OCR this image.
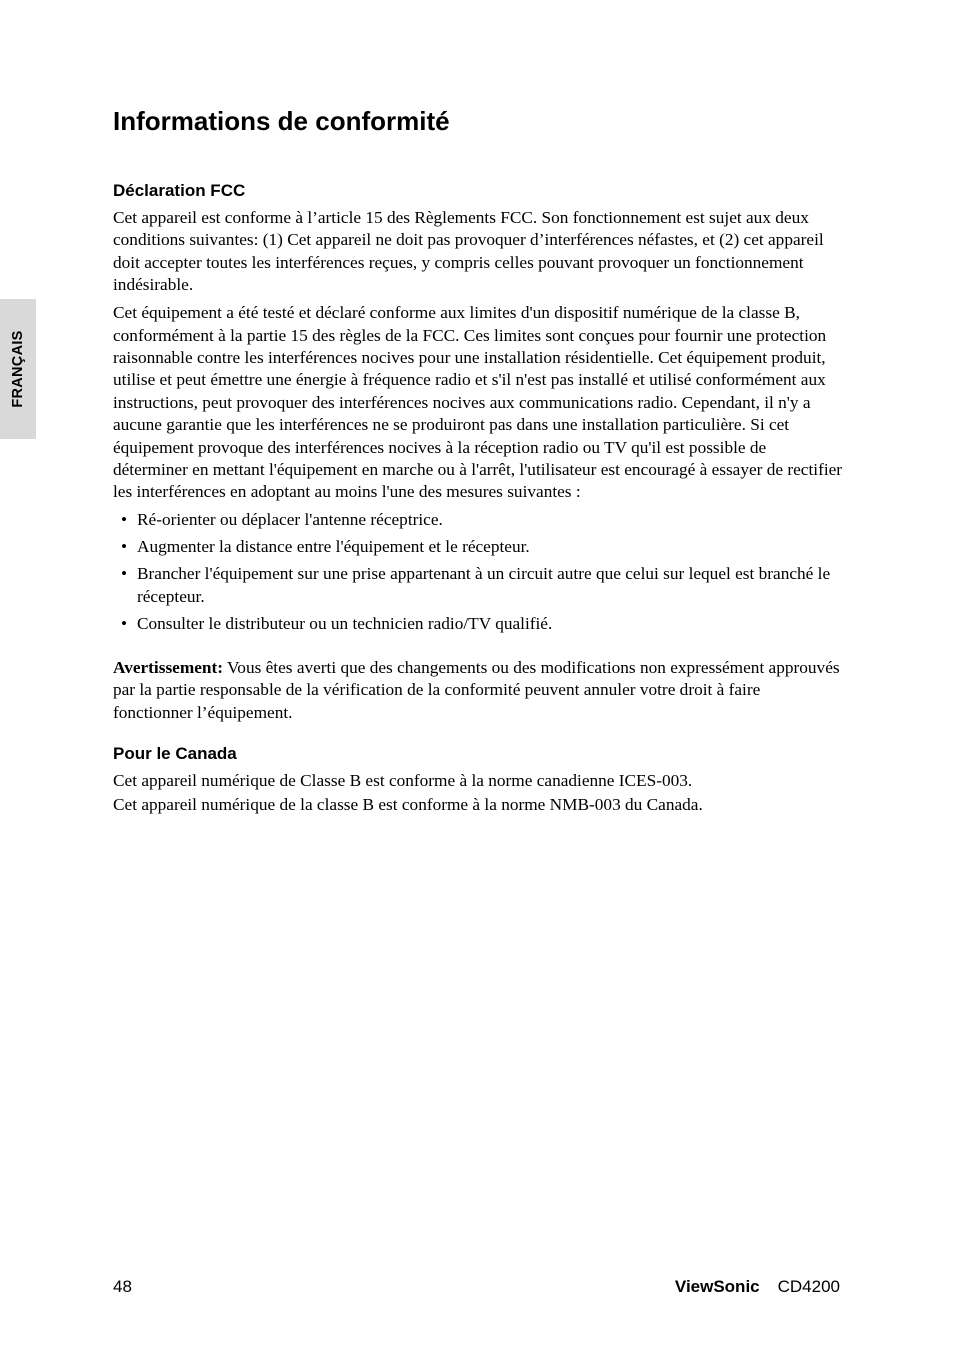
FRANÇAIS
Informations de conformité
Déclaration FCC

Cet appareil est conforme à l’article 15 des Règlements FCC. Son fonctionnement est sujet aux deux conditions suivantes: (1) Cet appareil ne doit pas provoquer d’interférences néfastes, et (2) cet appareil doit accepter toutes les interférences reçues, y compris celles pouvant provoquer un fonctionnement indésirable.

Cet équipement a été testé et déclaré conforme aux limites d'un dispositif numérique de la classe B, conformément à la partie 15 des règles de la FCC. Ces limites sont conçues pour fournir une protection raisonnable contre les interférences nocives pour une installation résidentielle. Cet équipement produit, utilise et peut émettre une énergie à fréquence radio et s'il n'est pas installé et utilisé conformément aux instructions, peut provoquer des interférences nocives aux communications radio. Cependant, il n'y a aucune garantie que les interférences ne se produiront pas dans une installation particulière. Si cet équipement provoque des interférences nocives à la réception radio ou TV qu'il est possible de déterminer en mettant l'équipement en marche ou à l'arrêt, l'utilisateur est encouragé à essayer de rectifier les interférences en adoptant au moins l'une des mesures suivantes :

• Ré-orienter ou déplacer l'antenne réceptrice.
• Augmenter la distance entre l'équipement et le récepteur.
• Brancher l'équipement sur une prise appartenant à un circuit autre que celui sur lequel est branché le récepteur.
• Consulter le distributeur ou un technicien radio/TV qualifié.

Avertissement: Vous êtes averti que des changements ou des modifications non expressément approuvés par la partie responsable de la vérification de la conformité peuvent annuler votre droit à faire fonctionner l’équipement.

Pour le Canada

Cet appareil numérique de Classe B est conforme à la norme canadienne ICES-003.

Cet appareil numérique de la classe B est conforme à la norme NMB-003 du Canada.

48	ViewSonic CD4200
